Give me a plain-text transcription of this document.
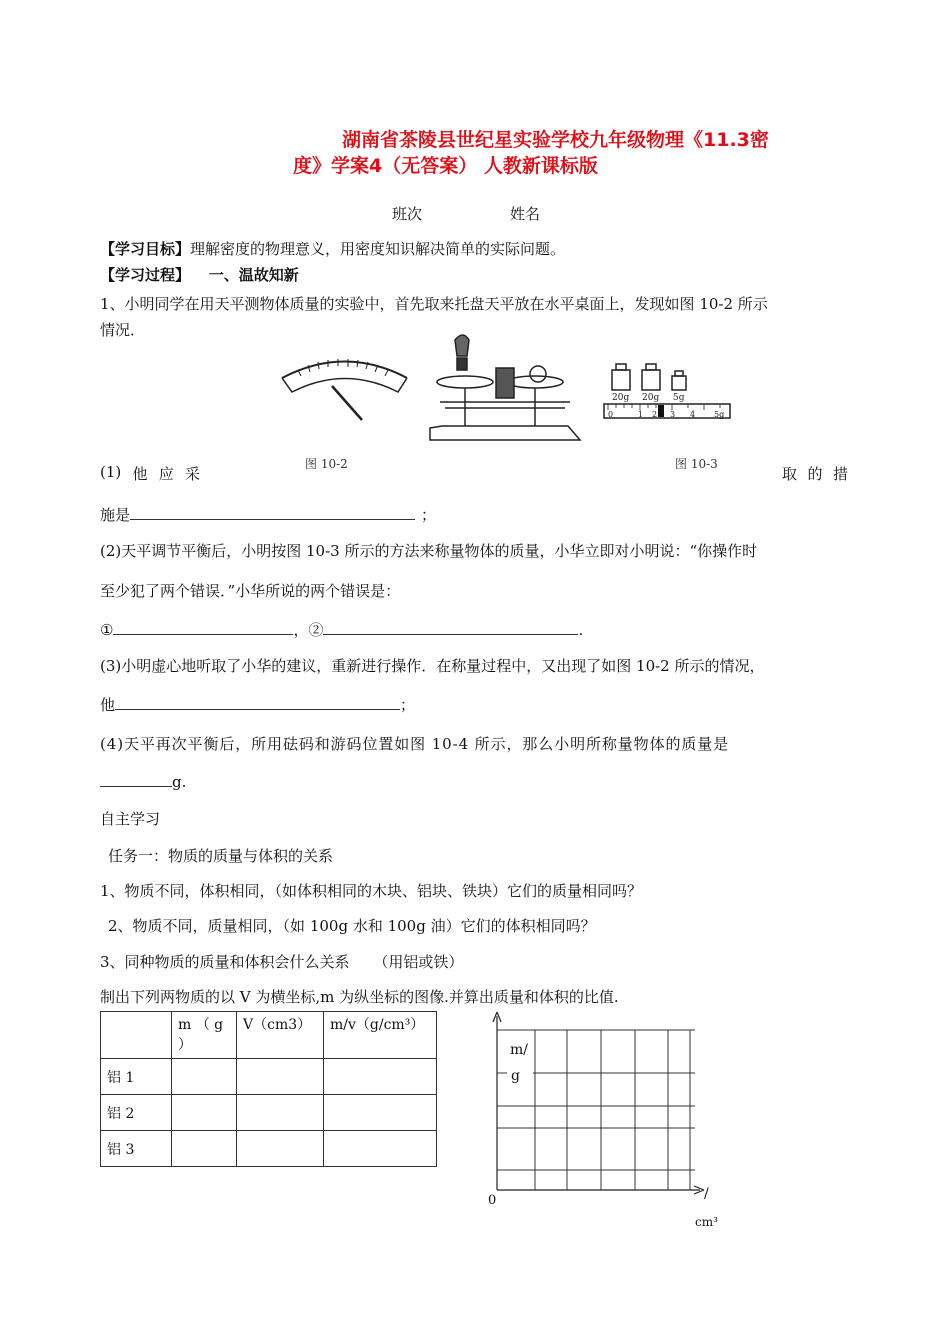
湖南省茶陵县世纪星实验学校九年级物理《11.3密
度》学案4（无答案） 人教新课标版
班次	姓名
【学习目标】理解密度的物理意义，用密度知识解决简单的实际问题。
【学习过程】 一、温故知新
1、小明同学在用天平测物体质量的实验中，首先取来托盘天平放在水平桌面上，发现如图 10-2 所示
情况．
图 10-2
20g 20g 5g
0	1 2 3 4 5g
图 10-3
(1) 他 应 采	取 的 措
施是	；
(2)天平调节平衡后，小明按图 10-3 所示的方法来称量物体的质量，小华立即对小明说：“你操作时
至少犯了两个错误．”小华所说的两个错误是：
①	，②	.
(3)小明虚心地听取了小华的建议，重新进行操作．在称量过程中，又出现了如图 10-2 所示的情况，
他	；
(4)天平再次平衡后，所用砝码和游码位置如图 10-4 所示，那么小明所称量物体的质量是
g.
自主学习
任务一：物质的质量与体积的关系
1、物质不同，体积相同，（如体积相同的木块、铝块、铁块）它们的质量相同吗？
2、物质不同，质量相同，（如 100g 水和 100g 油）它们的体积相同吗？
3、同种物质的质量和体积会什么关系     （用铝或铁）
制出下列两物质的以 V 为横坐标,m 为纵坐标的图像.并算出质量和体积的比值.
	m （ g ）	V（cm3）	m/v（g/cm³）
铝 1			
铝 2			
铝 3			
m/
g
0	/
cm³
